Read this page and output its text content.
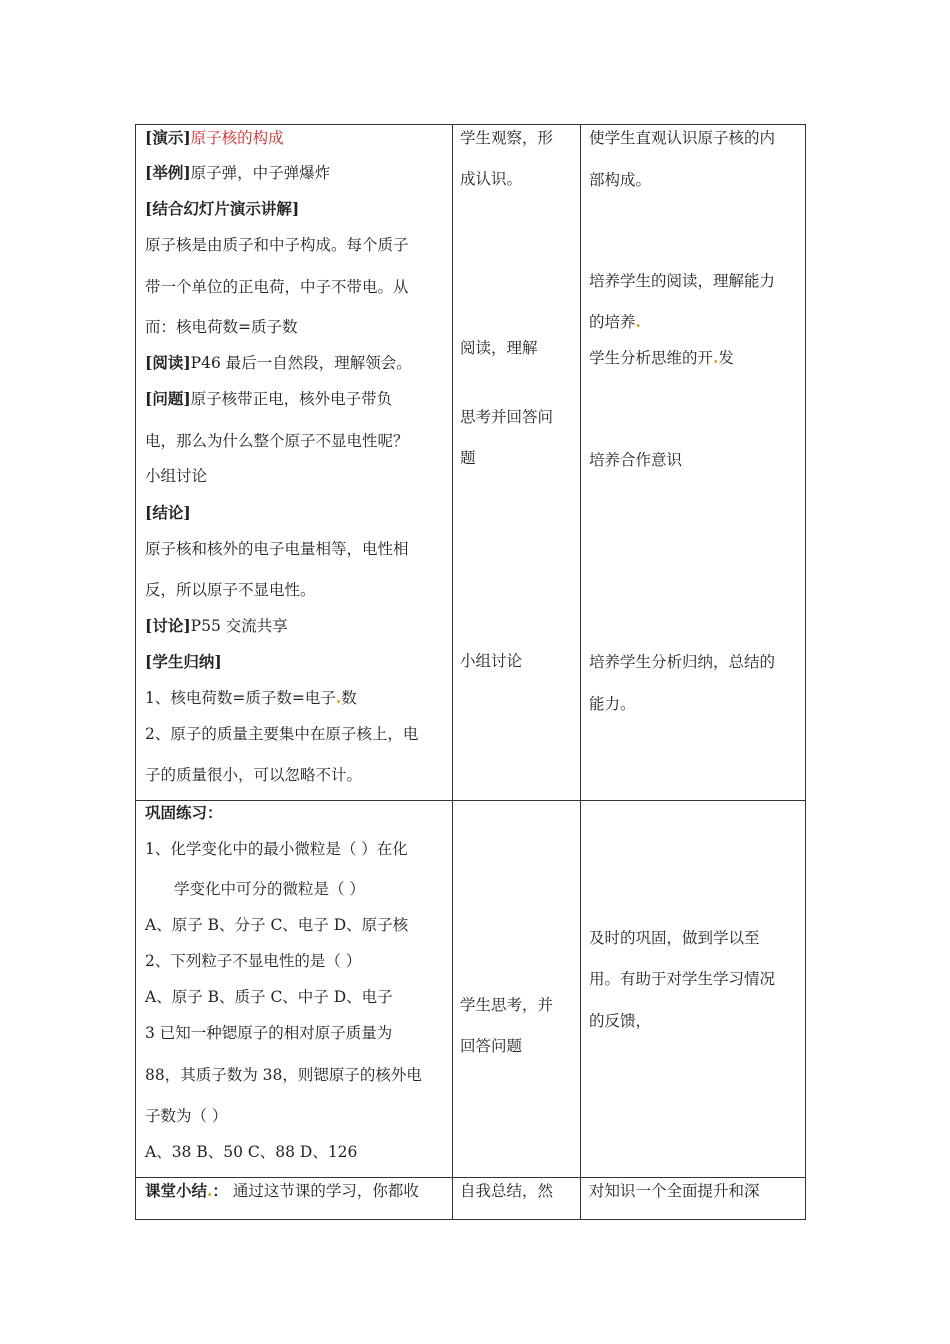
[演示]原子核的构成
[举例]原子弹，中子弹爆炸
[结合幻灯片演示讲解]
原子核是由质子和中子构成。每个质子
带一个单位的正电荷，中子不带电。从
而：核电荷数=质子数
[阅读]P46 最后一自然段，理解领会。
[问题]原子核带正电，核外电子带负
电，那么为什么整个原子不显电性呢？
小组讨论
[结论]
原子核和核外的电子电量相等，电性相
反，所以原子不显电性。
[讨论]P55 交流共享
[学生归纳]
1、核电荷数=质子数=电子.数
2、原子的质量主要集中在原子核上，电
子的质量很小，可以忽略不计。
学生观察，形
成认识。
阅读，理解
思考并回答问
题
小组讨论
使学生直观认识原子核的内
部构成。
培养学生的阅读，理解能力
的培养.
学生分析思维的开.发
培养合作意识
培养学生分析归纳，总结的
能力。
巩固练习：
1、化学变化中的最小微粒是（ ）在化
学变化中可分的微粒是（ ）
A、原子 B、分子 C、电子 D、原子核
2、下列粒子不显电性的是（ ）
A、原子 B、质子 C、中子 D、电子
3 已知一种锶原子的相对原子质量为
88，其质子数为 38，则锶原子的核外电
子数为（ ）
A、38 B、50 C、88 D、126
学生思考，并
回答问题
及时的巩固，做到学以至
用。有助于对学生学习情况
的反馈，
课堂小结.： 通过这节课的学习，你都收	自我总结，然 对知识一个全面提升和深
